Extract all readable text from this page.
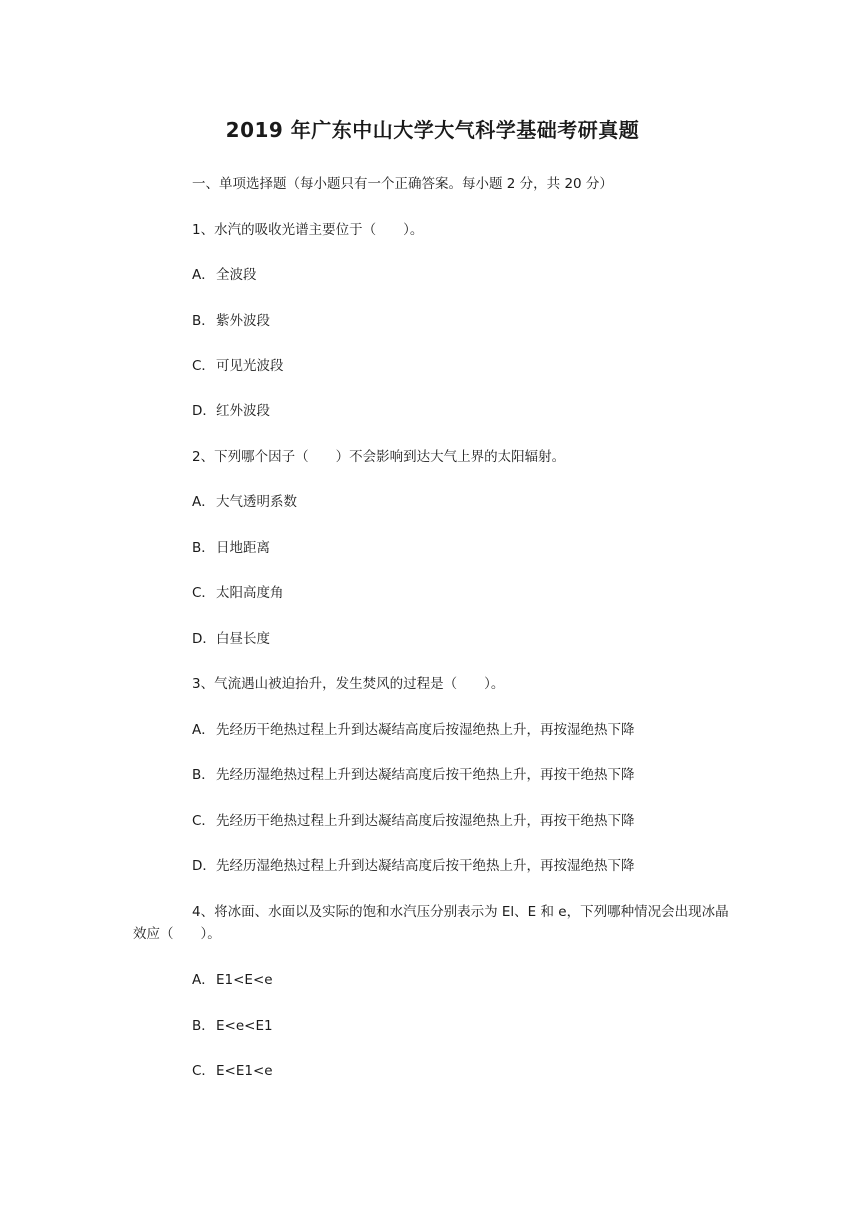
2019 年广东中山大学大气科学基础考研真题

一、单项选择题（每小题只有一个正确答案。每小题 2 分，共 20 分）

1、水汽的吸收光谱主要位于（　　）。

A．全波段

B．紫外波段

C．可见光波段

D．红外波段

2、下列哪个因子（　　）不会影响到达大气上界的太阳辐射。

A．大气透明系数

B．日地距离

C．太阳高度角

D．白昼长度

3、气流遇山被迫抬升，发生焚风的过程是（　　）。

A．先经历干绝热过程上升到达凝结高度后按湿绝热上升，再按湿绝热下降

B．先经历湿绝热过程上升到达凝结高度后按干绝热上升，再按干绝热下降

C．先经历干绝热过程上升到达凝结高度后按湿绝热上升，再按干绝热下降

D．先经历湿绝热过程上升到达凝结高度后按干绝热上升，再按湿绝热下降

4、将冰面、水面以及实际的饱和水汽压分别表示为 El、E 和 e，下列哪种情况会出现冰晶效应（　　）。

A．E1<E<e

B．E<e<E1

C．E<E1<e
